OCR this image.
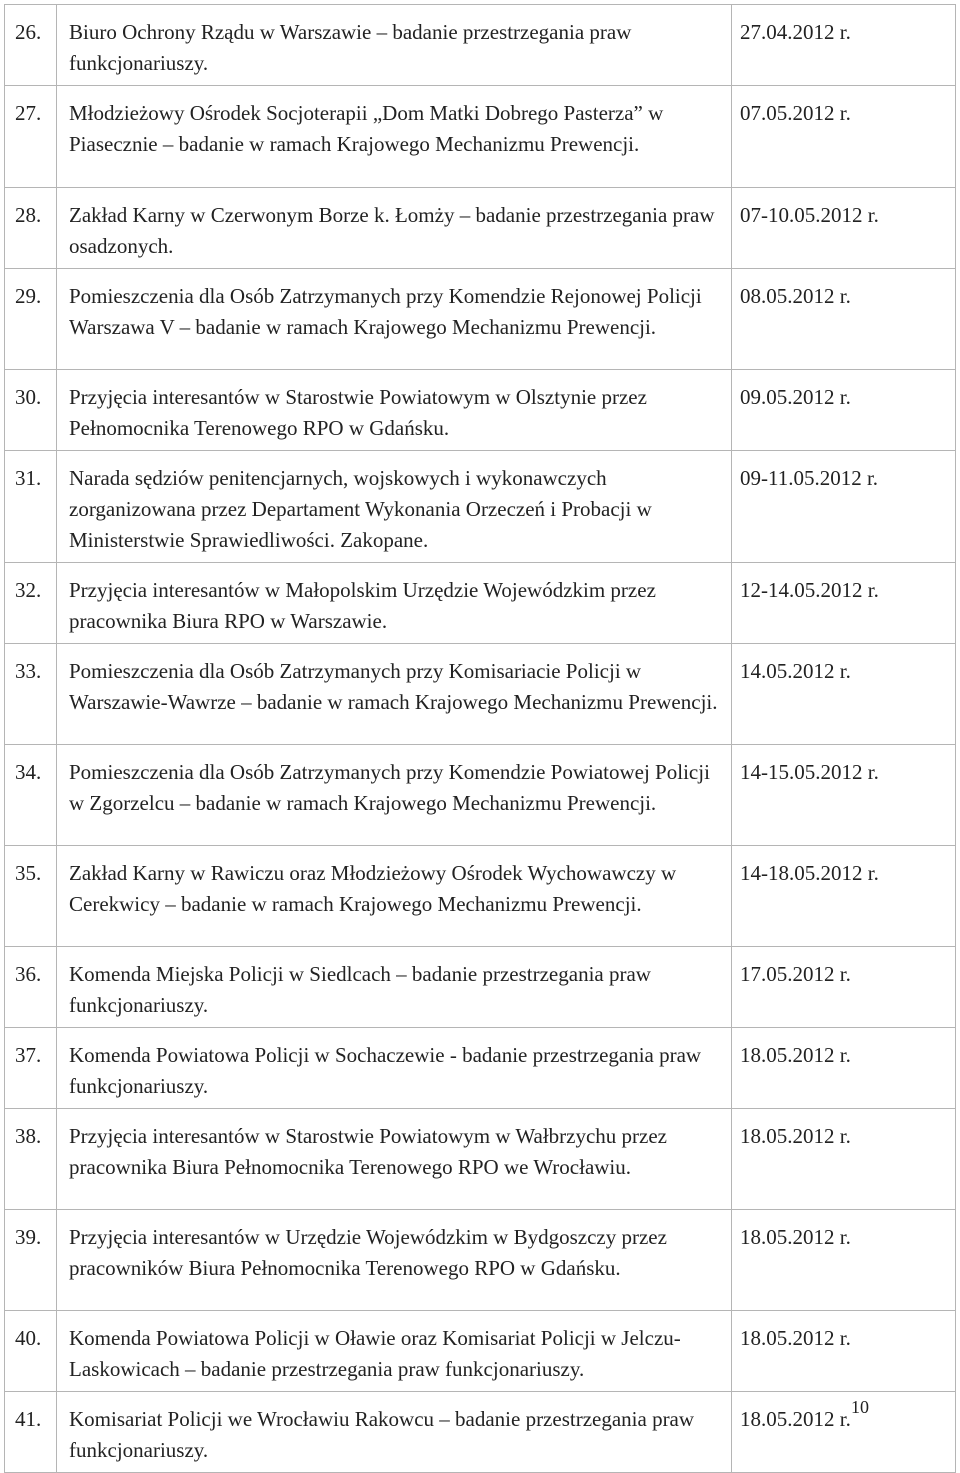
26.	Biuro Ochrony Rządu w Warszawie – badanie przestrzegania praw funkcjonariuszy.	27.04.2012 r.
27.	Młodzieżowy Ośrodek Socjoterapii „Dom Matki Dobrego Pasterza” w Piasecznie – badanie w ramach Krajowego Mechanizmu Prewencji.	07.05.2012 r.
28.	Zakład Karny w Czerwonym Borze k. Łomży – badanie przestrzegania praw osadzonych.	07-10.05.2012 r.
29.	Pomieszczenia dla Osób Zatrzymanych przy Komendzie Rejonowej Policji Warszawa V – badanie w ramach Krajowego Mechanizmu Prewencji.	08.05.2012 r.
30.	Przyjęcia interesantów w Starostwie Powiatowym w Olsztynie przez Pełnomocnika Terenowego RPO w Gdańsku.	09.05.2012 r.
31.	Narada sędziów penitencjarnych, wojskowych i wykonawczych zorganizowana przez Departament Wykonania Orzeczeń i Probacji w Ministerstwie Sprawiedliwości. Zakopane.	09-11.05.2012 r.
32.	Przyjęcia interesantów w Małopolskim Urzędzie Wojewódzkim przez pracownika Biura RPO w Warszawie.	12-14.05.2012 r.
33.	Pomieszczenia dla Osób Zatrzymanych przy Komisariacie Policji w Warszawie-Wawrze – badanie w ramach Krajowego Mechanizmu Prewencji.	14.05.2012 r.
34.	Pomieszczenia dla Osób Zatrzymanych przy Komendzie Powiatowej Policji w Zgorzelcu – badanie w ramach Krajowego Mechanizmu Prewencji.	14-15.05.2012 r.
35.	Zakład Karny w Rawiczu oraz Młodzieżowy Ośrodek Wychowawczy w Cerekwicy – badanie w ramach Krajowego Mechanizmu Prewencji.	14-18.05.2012 r.
36.	Komenda Miejska Policji w Siedlcach – badanie przestrzegania praw funkcjonariuszy.	17.05.2012 r.
37.	Komenda Powiatowa Policji w Sochaczewie - badanie przestrzegania praw funkcjonariuszy.	18.05.2012 r.
38.	Przyjęcia interesantów w Starostwie Powiatowym w Wałbrzychu przez pracownika Biura Pełnomocnika Terenowego RPO we Wrocławiu.	18.05.2012 r.
39.	Przyjęcia interesantów w Urzędzie Wojewódzkim w Bydgoszczy przez pracowników Biura Pełnomocnika Terenowego RPO w Gdańsku.	18.05.2012 r.
40.	Komenda Powiatowa Policji w Oławie oraz Komisariat Policji w Jelczu-Laskowicach – badanie przestrzegania praw funkcjonariuszy.	18.05.2012 r.
41.	Komisariat Policji we Wrocławiu Rakowcu – badanie przestrzegania praw funkcjonariuszy.	18.05.2012 r. 10
